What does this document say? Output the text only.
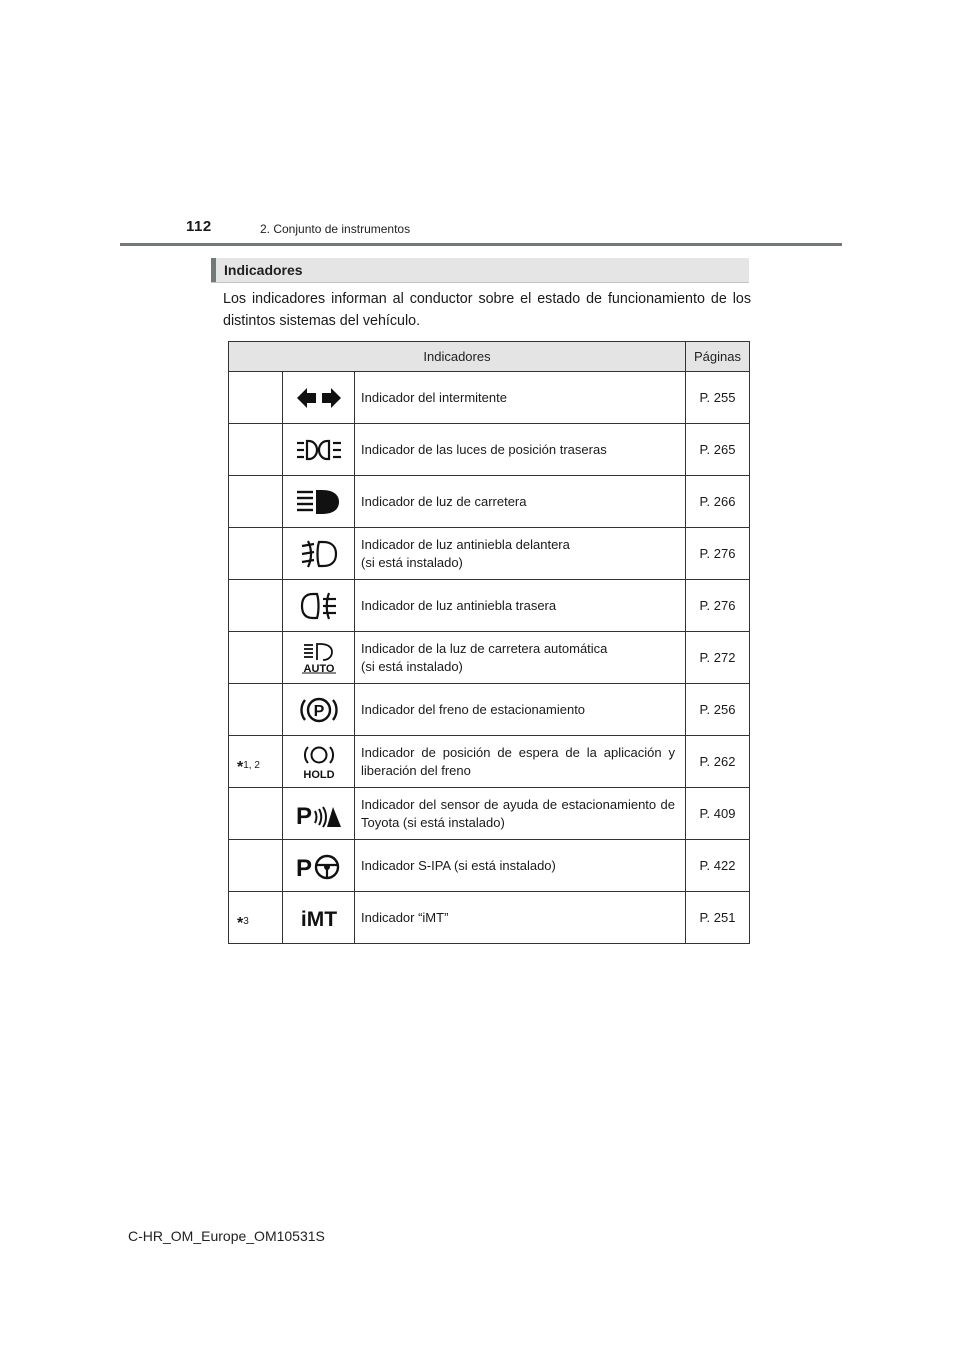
112	2. Conjunto de instrumentos
Indicadores
Los indicadores informan al conductor sobre el estado de funcionamiento de los distintos sistemas del vehículo.
Indicadores			Páginas

Indicador del intermitente	P. 255

Indicador de las luces de posición traseras	P. 265

Indicador de luz de carretera	P. 266

Indicador de luz antiniebla delantera
(si está instalado)	P. 276

Indicador de luz antiniebla trasera	P. 276

AUTO	Indicador de la luz de carretera automática
(si está instalado)	P. 272

P	Indicador del freno de estacionamiento	P. 256
*$^{1, 2}$	HOLD	Indicador de posición de espera de la aplicación y liberación del freno	P. 262

P	Indicador del sensor de ayuda de estacionamiento de Toyota (si está instalado)	P. 409

P	Indicador S-IPA (si está instalado)	P. 422
*$^3$	iMT	Indicador “iMT”	P. 251
C-HR_OM_Europe_OM10531S
